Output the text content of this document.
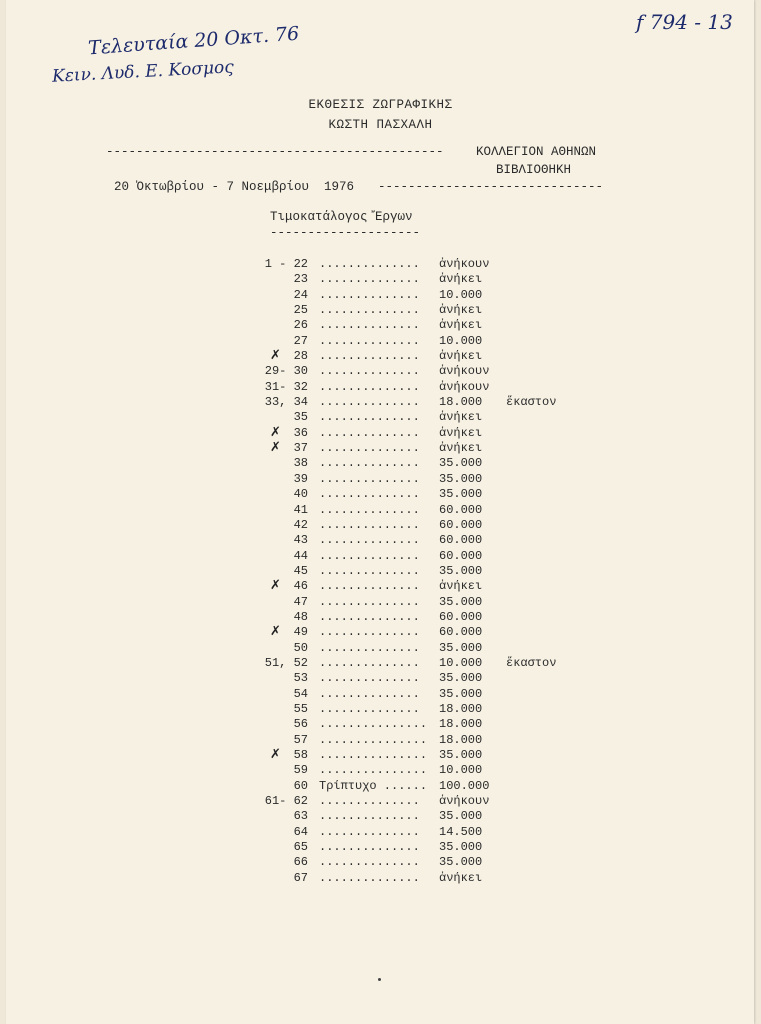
Τελευταία 20 Οκτ. 76
Κειν. Λυδ. Ε. Κοσμος
f 794 - 13
ΕΚΘΕΣΙΣ ΖΩΓΡΑΦΙΚΗΣ
ΚΩΣΤΗ ΠΑΣΧΑΛΗ
---------------------------------------------	ΚΟΛΛΕΓΙΟΝ ΑΘΗΝΩΝ
ΒΙΒΛΙΟΘΗΚΗ
20 Ὀκτωβρίου - 7 Νοεμβρίου  1976 ------------------------------
Τιμοκατάλογος Ἔργων
--------------------
1 - 22 .............. ἀνήκουν
23 .............. ἀνήκει
24 .............. 10.000
25 .............. ἀνήκει
26 .............. ἀνήκει
27 .............. 10.000
✗ 28 .............. ἀνήκει
29- 30 .............. ἀνήκουν
31- 32 .............. ἀνήκουν
33, 34 .............. 18.000 ἕκαστον
35 .............. ἀνήκει
✗ 36 .............. ἀνήκει
✗ 37 .............. ἀνήκει
38 .............. 35.000
39 .............. 35.000
40 .............. 35.000
41 .............. 60.000
42 .............. 60.000
43 .............. 60.000
44 .............. 60.000
45 .............. 35.000
✗ 46 .............. ἀνήκει
47 .............. 35.000
48 .............. 60.000
✗ 49 .............. 60.000
50 .............. 35.000
51, 52 .............. 10.000 ἕκαστον
53 .............. 35.000
54 .............. 35.000
55 .............. 18.000
56 ............... 18.000
57 ............... 18.000
✗ 58 ............... 35.000
59 ............... 10.000
60 Τρίπτυχο ...... 100.000
61- 62 .............. ἀνήκουν
63 .............. 35.000
64 .............. 14.500
65 .............. 35.000
66 .............. 35.000
67 .............. ἀνήκει
